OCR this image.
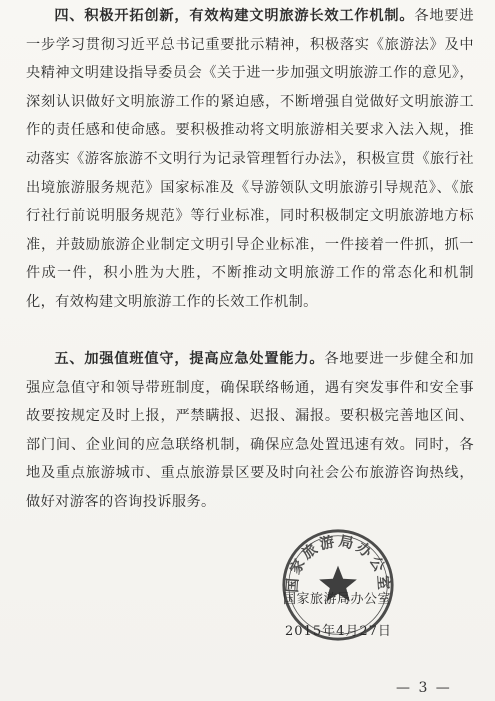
四、积极开拓创新，有效构建文明旅游长效工作机制。各地要进一步学习贯彻习近平总书记重要批示精神，积极落实《旅游法》及中央精神文明建设指导委员会《关于进一步加强文明旅游工作的意见》，深刻认识做好文明旅游工作的紧迫感，不断增强自觉做好文明旅游工作的责任感和使命感。要积极推动将文明旅游相关要求入法入规，推动落实《游客旅游不文明行为记录管理暂行办法》，积极宣贯《旅行社出境旅游服务规范》国家标准及《导游领队文明旅游引导规范》、《旅行社行前说明服务规范》等行业标准，同时积极制定文明旅游地方标准，并鼓励旅游企业制定文明引导企业标准，一件接着一件抓，抓一件成一件，积小胜为大胜，不断推动文明旅游工作的常态化和机制化，有效构建文明旅游工作的长效工作机制。

五、加强值班值守，提高应急处置能力。各地要进一步健全和加强应急值守和领导带班制度，确保联络畅通，遇有突发事件和安全事故要按规定及时上报，严禁瞒报、迟报、漏报。要积极完善地区间、部门间、企业间的应急联络机制，确保应急处置迅速有效。同时，各地及重点旅游城市、重点旅游景区要及时向社会公布旅游咨询热线，做好对游客的咨询投诉服务。

国家旅游局办公室
国家旅游局办公室
2015年4月27日
— 3 —
